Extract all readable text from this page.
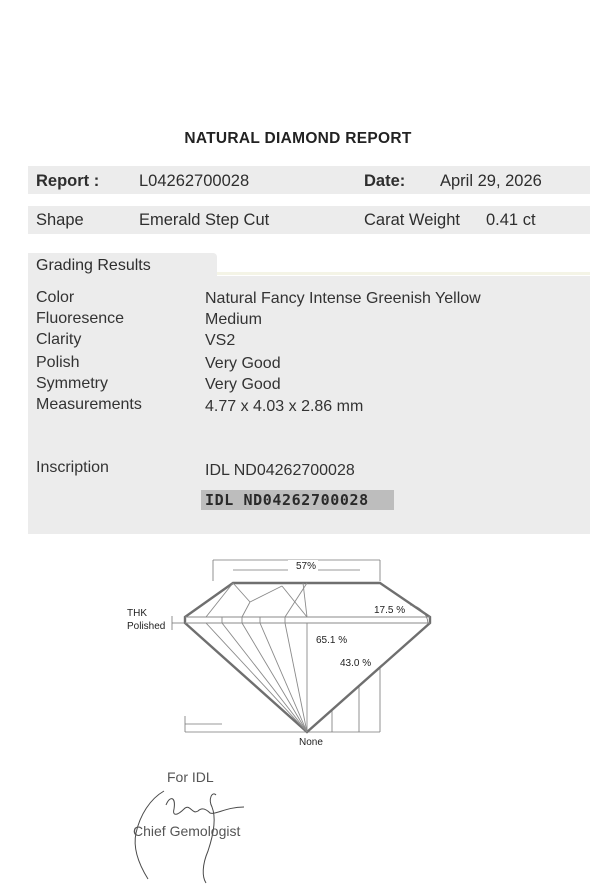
NATURAL DIAMOND REPORT
Report : L04262700028	Date: April 29, 2026
Shape	Emerald Step Cut	Carat Weight 0.41 ct
Grading Results
Color	Natural Fancy Intense Greenish Yellow
Fluoresence	Medium
Clarity	VS2
Polish	Very Good
Symmetry	Very Good
Measurements	4.77 x 4.03 x 2.86 mm
Inscription	IDL ND04262700028
IDL ND04262700028
57%
17.5 %
65.1 %
43.0 %
THK
Polished
None
For IDL
Chief Gemologist
